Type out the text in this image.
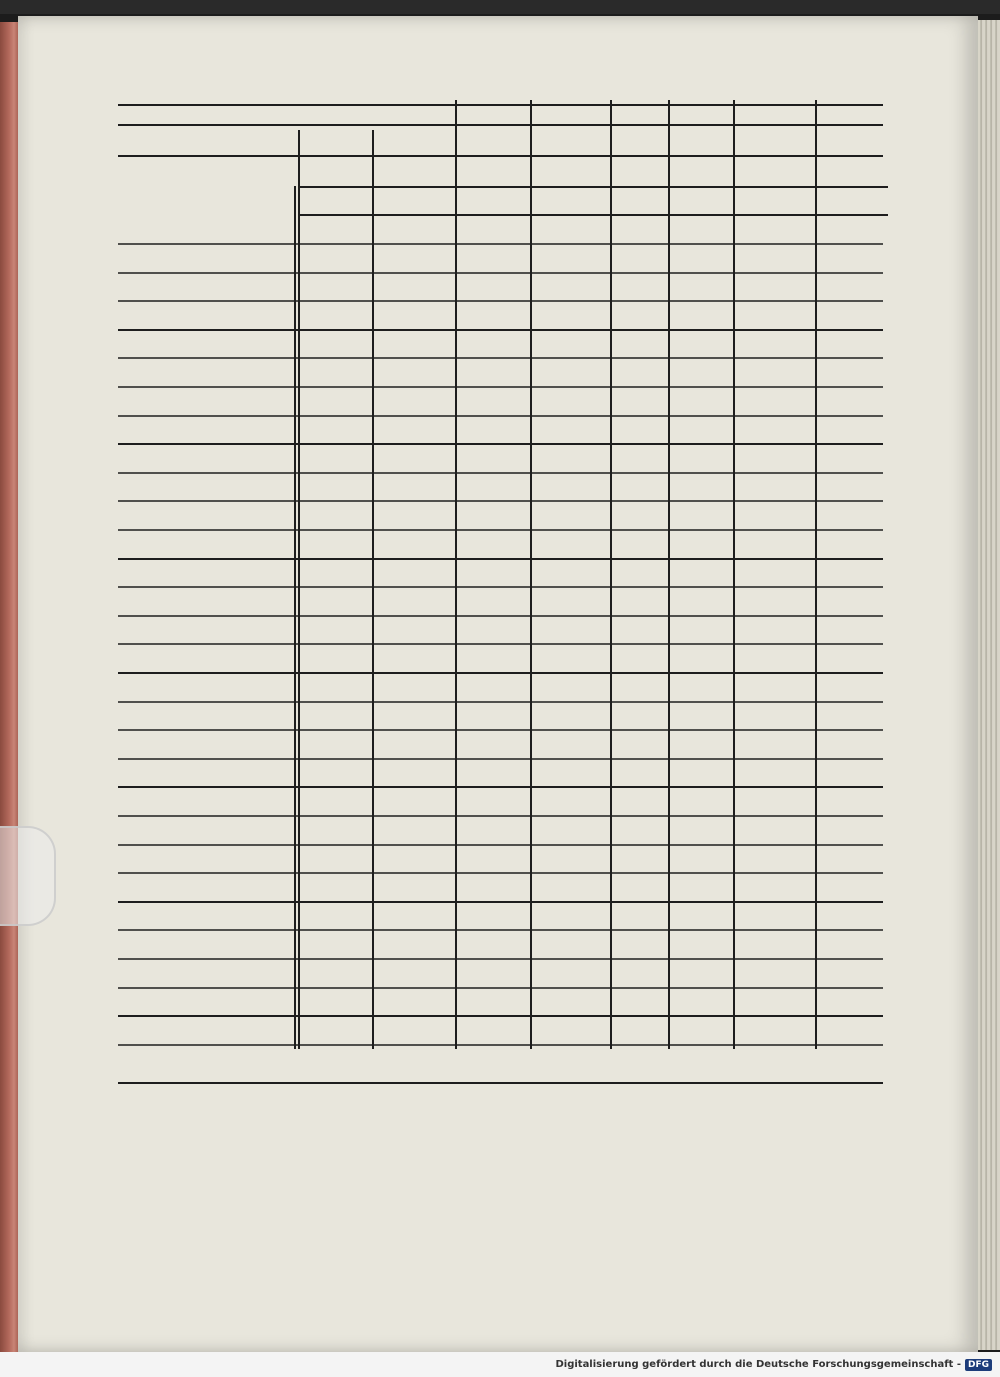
Digitalisierung gefördert durch die Deutsche Forschungsgemeinschaft - DFG
